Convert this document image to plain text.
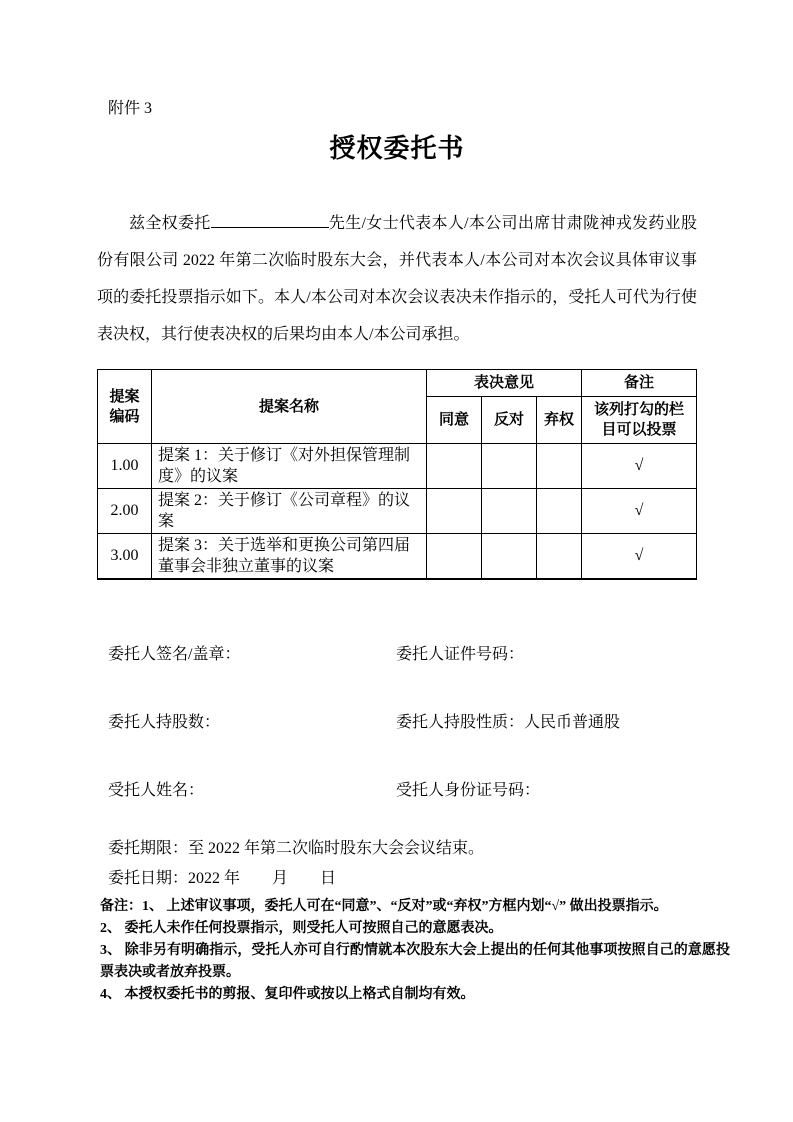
附件 3
授权委托书

兹全权委托	先生/女士代表本人/本公司出席甘肃陇神戎发药业股份有限公司 2022 年第二次临时股东大会，并代表本人/本公司对本次会议具体审议事项的委托投票指示如下。本人/本公司对本次会议表决未作指示的，受托人可代为行使表决权，其行使表决权的后果均由本人/本公司承担。

提案编码	提案名称	表决意见			备注
		同意	反对	弃权	该列打勾的栏目可以投票
1.00	提案 1：关于修订《对外担保管理制度》的议案				√
2.00	提案 2：关于修订《公司章程》的议案				√
3.00	提案 3：关于选举和更换公司第四届董事会非独立董事的议案				√
委托人签名/盖章：	委托人证件号码：
委托人持股数：	委托人持股性质：人民币普通股
受托人姓名：	受托人身份证号码：
委托期限：至 2022 年第二次临时股东大会会议结束。
委托日期：2022 年　　月　　日
备注：1、 上述审议事项，委托人可在“同意”、“反对”或“弃权”方框内划“√” 做出投票指示。
2、 委托人未作任何投票指示，则受托人可按照自己的意愿表决。
3、 除非另有明确指示，受托人亦可自行酌情就本次股东大会上提出的任何其他事项按照自己的意愿投票表决或者放弃投票。
4、 本授权委托书的剪报、复印件或按以上格式自制均有效。
